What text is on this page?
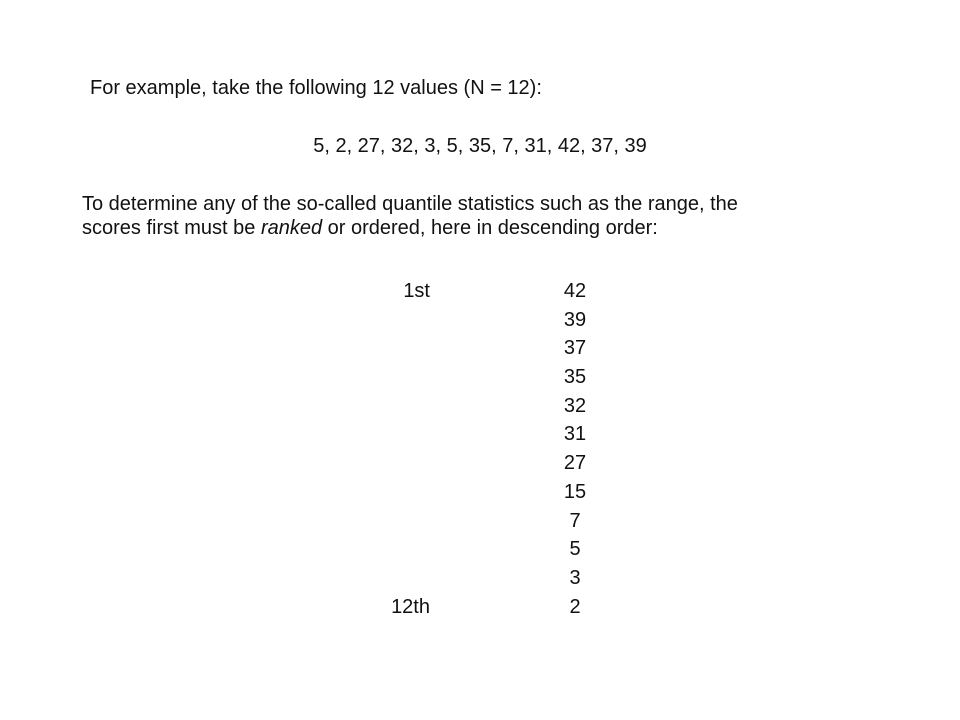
For example, take the following 12 values (N = 12):
5, 2, 27, 32, 3, 5, 35, 7, 31, 42, 37, 39

To determine any of the so-called quantile statistics such as the range, the

scores first must be ranked or ordered, here in descending order:

1st	42
39
37
35
32
31
27
15
7
5
3
12th	2
